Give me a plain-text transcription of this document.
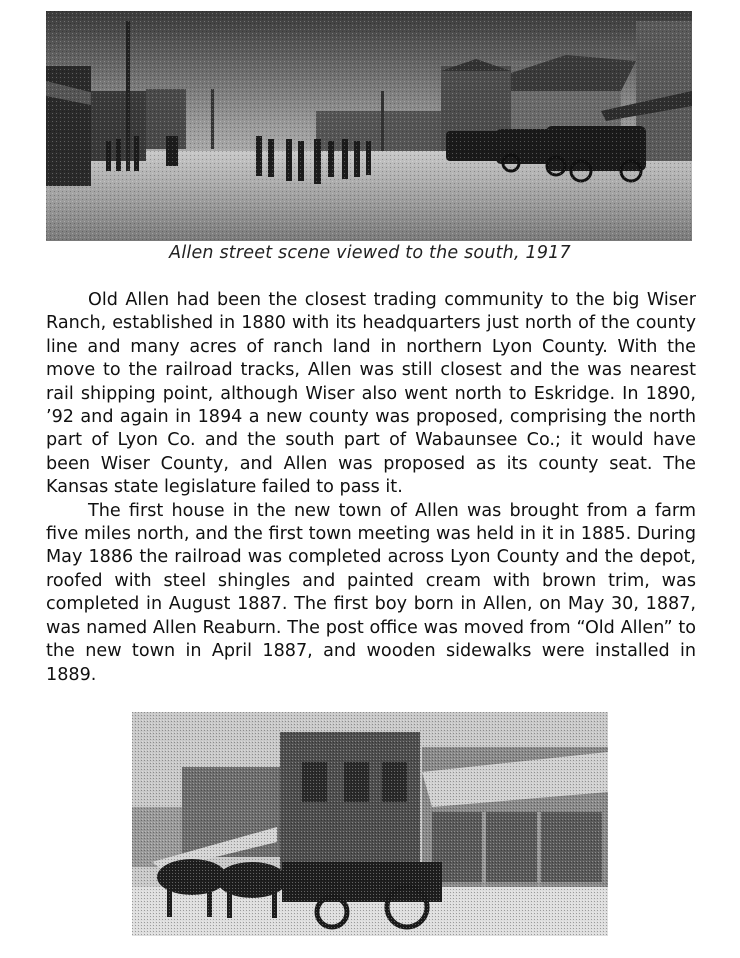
Allen street scene viewed to the south, 1917

Old Allen had been the closest trading community to the big Wiser Ranch, established in 1880 with its headquarters just north of the county line and many acres of ranch land in northern Lyon County. With the move to the railroad tracks, Allen was still closest and the was nearest rail shipping point, although Wiser also went north to Eskridge. In 1890, ’92 and again in 1894 a new county was proposed, comprising the north part of Lyon Co. and the south part of Wabaunsee Co.; it would have been Wiser County, and Allen was proposed as its county seat. The Kansas state legislature failed to pass it.

The first house in the new town of Allen was brought from a farm five miles north, and the first town meeting was held in it in 1885. During May 1886 the railroad was completed across Lyon County and the depot, roofed with steel shingles and painted cream with brown trim, was completed in August 1887. The first boy born in Allen, on May 30, 1887, was named Allen Reaburn. The post office was moved from “Old Allen” to the new town in April 1887, and wooden sidewalks were installed in 1889.
